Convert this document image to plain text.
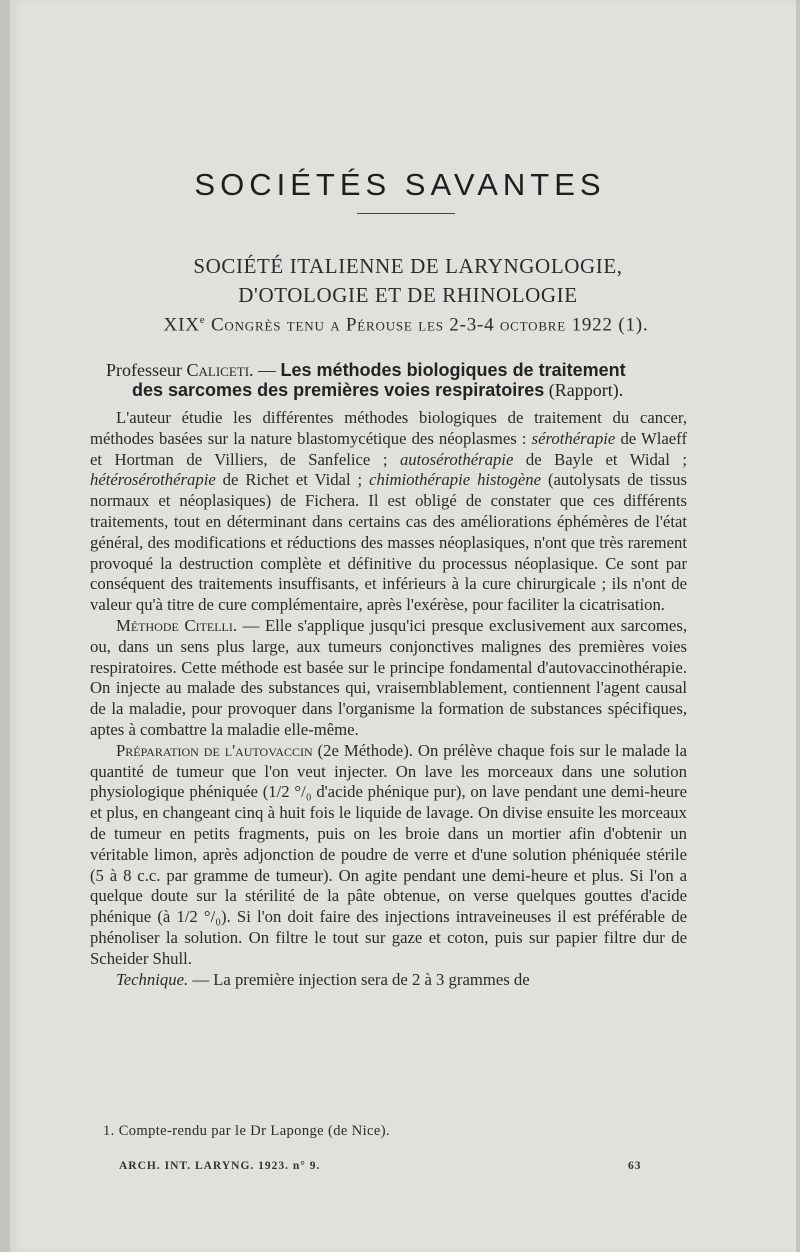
SOCIÉTÉS SAVANTES
SOCIÉTÉ ITALIENNE DE LARYNGOLOGIE,
D'OTOLOGIE ET DE RHINOLOGIE
XIXe Congrès tenu a Pérouse les 2-3-4 octobre 1922 (1).
Professeur Caliceti. — Les méthodes biologiques de traitement
des sarcomes des premières voies respiratoires (Rapport).

L'auteur étudie les différentes méthodes biologiques de traitement du cancer, méthodes basées sur la nature blastomycétique des néoplasmes : sérothérapie de Wlaeff et Hortman de Villiers, de Sanfelice ; autosérothérapie de Bayle et Widal ; hétérosérothérapie de Richet et Vidal ; chimiothérapie histogène (autolysats de tissus normaux et néoplasiques) de Fichera. Il est obligé de constater que ces différents traitements, tout en déterminant dans certains cas des améliorations éphémères de l'état général, des modifications et réductions des masses néoplasiques, n'ont que très rarement provoqué la destruction complète et définitive du processus néoplasique. Ce sont par conséquent des traitements insuffisants, et inférieurs à la cure chirurgicale ; ils n'ont de valeur qu'à titre de cure complémentaire, après l'exérèse, pour faciliter la cicatrisation.

Méthode Citelli. — Elle s'applique jusqu'ici presque exclusivement aux sarcomes, ou, dans un sens plus large, aux tumeurs conjonctives malignes des premières voies respiratoires. Cette méthode est basée sur le principe fondamental d'autovaccinothérapie. On injecte au malade des substances qui, vraisemblablement, contiennent l'agent causal de la maladie, pour provoquer dans l'organisme la formation de substances spécifiques, aptes à combattre la maladie elle-même.

Préparation de l'autovaccin (2e Méthode). On prélève chaque fois sur le malade la quantité de tumeur que l'on veut injecter. On lave les morceaux dans une solution physiologique phéniquée (1/2 °/₀ d'acide phénique pur), on lave pendant une demi-heure et plus, en changeant cinq à huit fois le liquide de lavage. On divise ensuite les morceaux de tumeur en petits fragments, puis on les broie dans un mortier afin d'obtenir un véritable limon, après adjonction de poudre de verre et d'une solution phéniquée stérile (5 à 8 c.c. par gramme de tumeur). On agite pendant une demi-heure et plus. Si l'on a quelque doute sur la stérilité de la pâte obtenue, on verse quelques gouttes d'acide phénique (à 1/2 °/₀). Si l'on doit faire des injections intraveineuses il est préférable de phénoliser la solution. On filtre le tout sur gaze et coton, puis sur papier filtre dur de Scheider Shull.

Technique. — La première injection sera de 2 à 3 grammes de

1. Compte-rendu par le Dr Laponge (de Nice).
ARCH. INT. LARYNG. 1923. n° 9.	63
